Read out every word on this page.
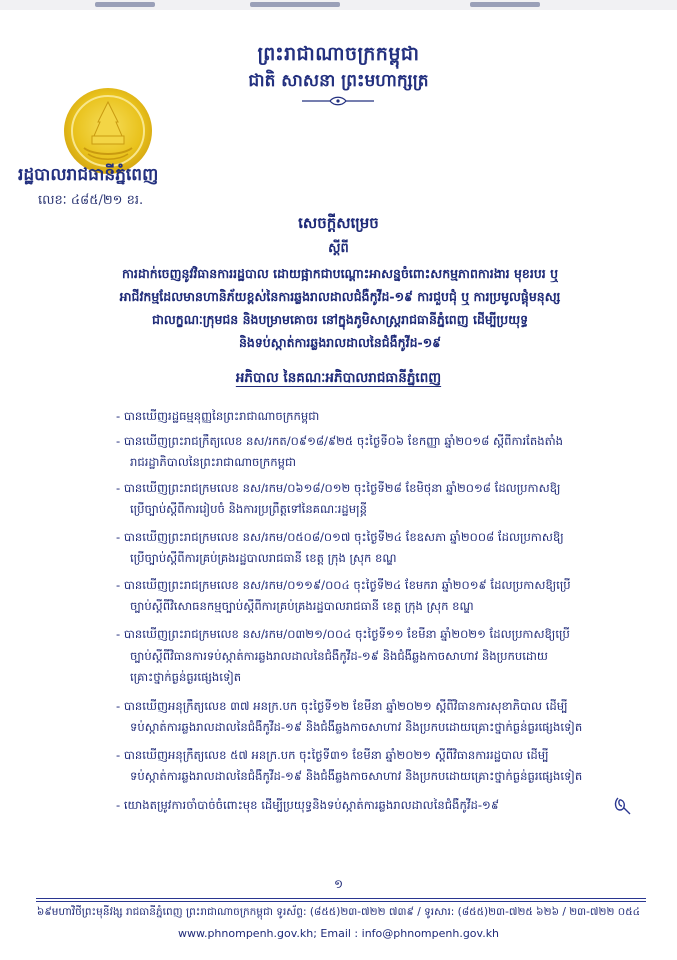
ព្រះរាជាណាចក្រកម្ពុជា
ជាតិ សាសនា ព្រះមហាក្សត្រ
រដ្ឋបាលរាជធានីភ្នំពេញ
លេខៈ ៤៨៥/២១ ខរ.
សេចក្ដីសម្រេច
ស្ដីពី
ការដាក់ចេញនូវវិធានការរដ្ឋបាល ដោយផ្អាកជាបណ្ដោះអាសន្នចំពោះសកម្មភាពការងារ មុខរបរ ឬ
អាជីវកម្មដែលមានហានិភ័យខ្ពស់នៃការឆ្លងរាលដាលជំងឺកូវីដ-១៩ ការជួបជុំ ឬ ការប្រមូលផ្ដុំមនុស្ស
ជាលក្ខណៈក្រុមជន និងបម្រាមគោចរ នៅក្នុងភូមិសាស្ត្ររាជធានីភ្នំពេញ ដើម្បីប្រយុទ្ធ
និងទប់ស្កាត់ការឆ្លងរាលដាលនៃជំងឺកូវីដ-១៩
អភិបាល នៃគណៈអភិបាលរាជធានីភ្នំពេញ
- បានឃើញរដ្ឋធម្មនុញ្ញនៃព្រះរាជាណាចក្រកម្ពុជា
- បានឃើញព្រះរាជក្រឹត្យលេខ នស/រកត/០៩១៨/៩២៥ ចុះថ្ងៃទី០៦ ខែកញ្ញា ឆ្នាំ២០១៨ ស្ដីពីការតែងតាំង
រាជរដ្ឋាភិបាលនៃព្រះរាជាណាចក្រកម្ពុជា
- បានឃើញព្រះរាជក្រមលេខ នស/រកម/០៦១៨/០១២ ចុះថ្ងៃទី២៨ ខែមិថុនា ឆ្នាំ២០១៨ ដែលប្រកាសឱ្យ
ប្រើច្បាប់ស្ដីពីការរៀបចំ និងការប្រព្រឹត្តទៅនៃគណៈរដ្ឋមន្ត្រី
- បានឃើញព្រះរាជក្រមលេខ នស/រកម/០៥០៨/០១៧ ចុះថ្ងៃទី២៤ ខែឧសភា ឆ្នាំ២០០៨ ដែលប្រកាសឱ្យ
ប្រើច្បាប់ស្ដីពីការគ្រប់គ្រងរដ្ឋបាលរាជធានី ខេត្ត ក្រុង ស្រុក ខណ្ឌ
- បានឃើញព្រះរាជក្រមលេខ នស/រកម/០១១៩/០០៤ ចុះថ្ងៃទី២៤ ខែមករា ឆ្នាំ២០១៩ ដែលប្រកាសឱ្យប្រើ
ច្បាប់ស្ដីពីវិសោធនកម្មច្បាប់ស្ដីពីការគ្រប់គ្រងរដ្ឋបាលរាជធានី ខេត្ត ក្រុង ស្រុក ខណ្ឌ
- បានឃើញព្រះរាជក្រមលេខ នស/រកម/០៣២១/០០៤ ចុះថ្ងៃទី១១ ខែមីនា ឆ្នាំ២០២១ ដែលប្រកាសឱ្យប្រើ
ច្បាប់ស្ដីពីវិធានការទប់ស្កាត់ការឆ្លងរាលដាលនៃជំងឺកូវីដ-១៩ និងជំងឺឆ្លងកាចសាហាវ និងប្រកបដោយ
គ្រោះថ្នាក់ធ្ងន់ធ្ងរផ្សេងទៀត
- បានឃើញអនុក្រឹត្យលេខ ៣៧ អនក្រ.បក ចុះថ្ងៃទី១២ ខែមីនា ឆ្នាំ២០២១ ស្ដីពីវិធានការសុខាភិបាល ដើម្បី
ទប់ស្កាត់ការឆ្លងរាលដាលនៃជំងឺកូវីដ-១៩ និងជំងឺឆ្លងកាចសាហាវ និងប្រកបដោយគ្រោះថ្នាក់ធ្ងន់ធ្ងរផ្សេងទៀត
- បានឃើញអនុក្រឹត្យលេខ ៥៧ អនក្រ.បក ចុះថ្ងៃទី៣១ ខែមីនា ឆ្នាំ២០២១ ស្ដីពីវិធានការរដ្ឋបាល ដើម្បី
ទប់ស្កាត់ការឆ្លងរាលដាលនៃជំងឺកូវីដ-១៩ និងជំងឺឆ្លងកាចសាហាវ និងប្រកបដោយគ្រោះថ្នាក់ធ្ងន់ធ្ងរផ្សេងទៀត
- យោងតម្រូវការចាំបាច់ចំពោះមុខ ដើម្បីប្រយុទ្ធនិងទប់ស្កាត់ការឆ្លងរាលដាលនៃជំងឺកូវីដ-១៩
១
៦៩មហាវិថីព្រះមុនីវង្ស រាជធានីភ្នំពេញ ព្រះរាជាណាចក្រកម្ពុជា ទូរស័ព្ទ: (៨៥៥)២៣-៧២២ ៧៣៩ / ទូរសារ: (៨៥៥)២៣-៧២៥ ៦២៦ / ២៣-៧២២ ០៥៤
www.phnompenh.gov.kh; Email : info@phnompenh.gov.kh
